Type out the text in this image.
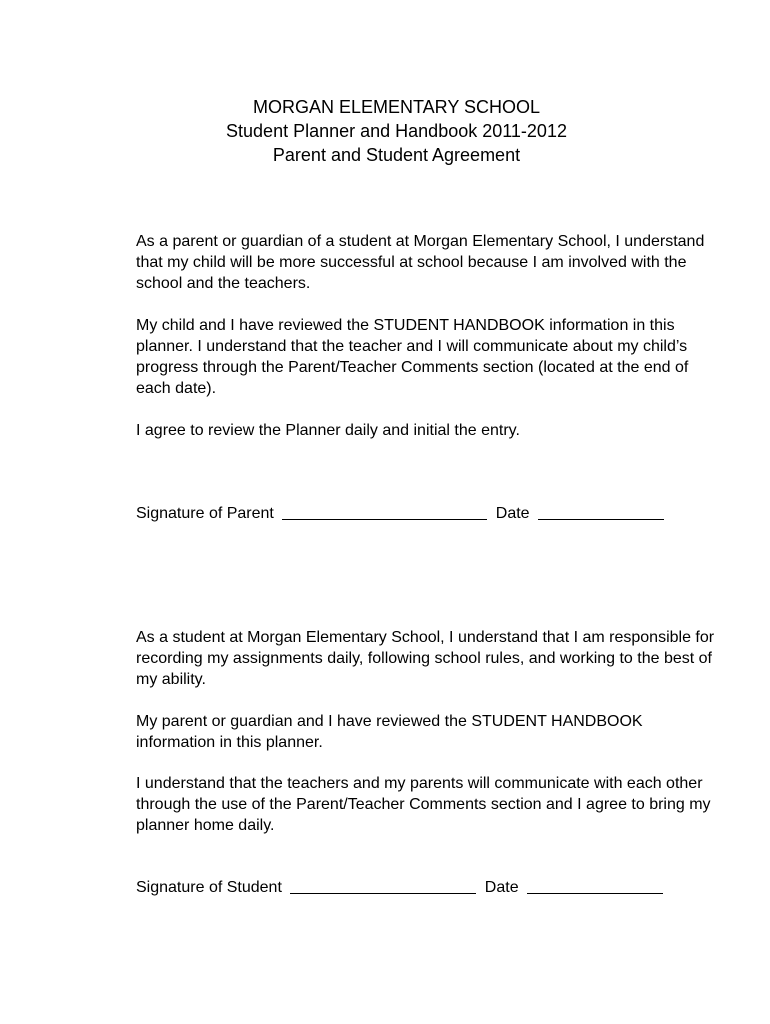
MORGAN ELEMENTARY SCHOOL
Student Planner and Handbook 2011-2012
Parent and Student Agreement

As a parent or guardian of a student at Morgan Elementary School, I understand that my child will be more successful at school because I am involved with the school and the teachers.

My child and I have reviewed the STUDENT HANDBOOK information in this planner. I understand that the teacher and I will communicate about my child’s progress through the Parent/Teacher Comments section (located at the end of each date).

I agree to review the Planner daily and initial the entry.

Signature of Parent	Date

As a student at Morgan Elementary School, I understand that I am responsible for recording my assignments daily, following school rules, and working to the best of my ability.

My parent or guardian and I have reviewed the STUDENT HANDBOOK information in this planner.

I understand that the teachers and my parents will communicate with each other through the use of the Parent/Teacher Comments section and I agree to bring my planner home daily.

Signature of Student	Date
